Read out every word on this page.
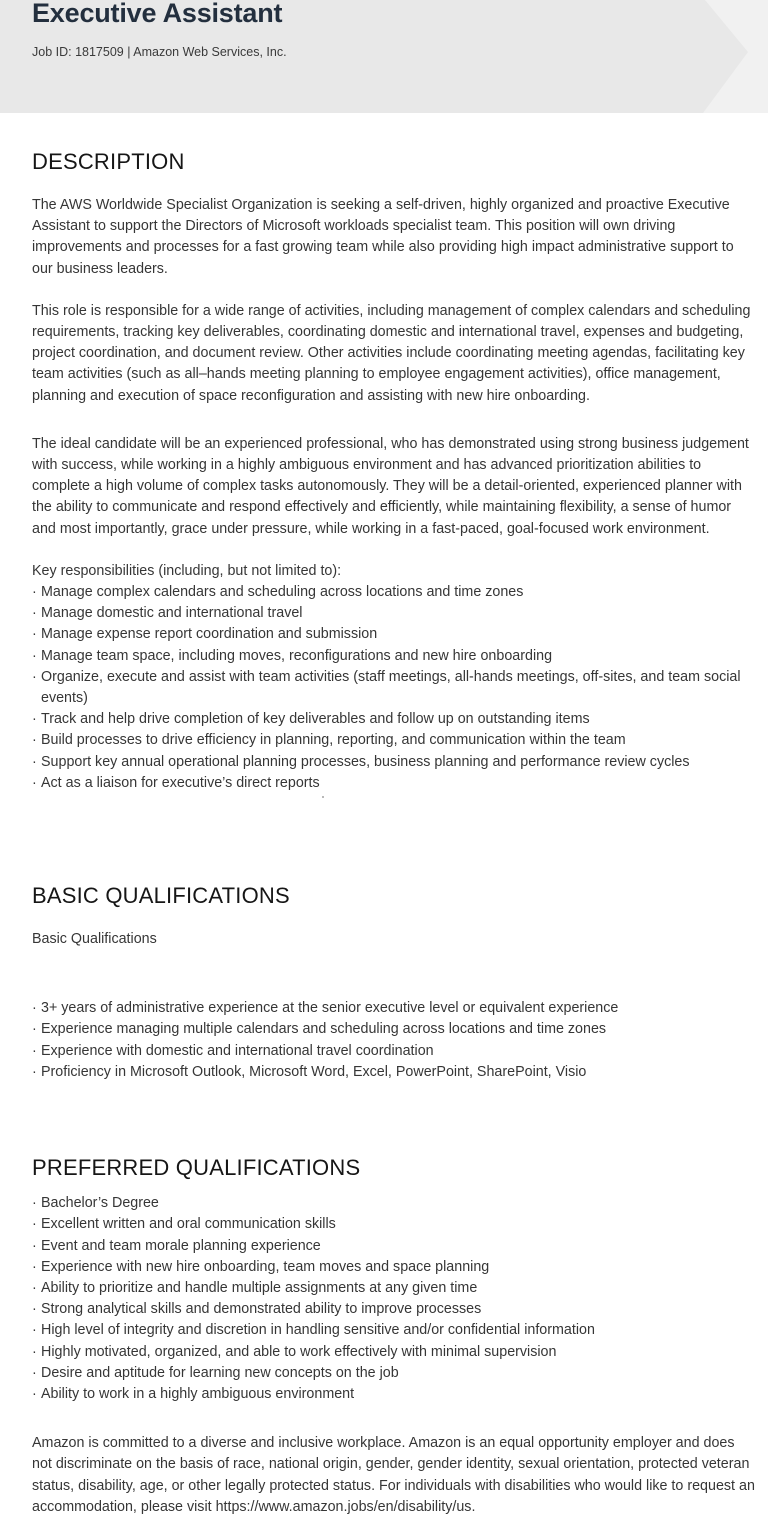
Executive Assistant

Job ID: 1817509 | Amazon Web Services, Inc.

DESCRIPTION

The AWS Worldwide Specialist Organization is seeking a self-driven, highly organized and proactive Executive Assistant to support the Directors of Microsoft workloads specialist team. This position will own driving improvements and processes for a fast growing team while also providing high impact administrative support to our business leaders.

This role is responsible for a wide range of activities, including management of complex calendars and scheduling requirements, tracking key deliverables, coordinating domestic and international travel, expenses and budgeting, project coordination, and document review. Other activities include coordinating meeting agendas, facilitating key team activities (such as all–hands meeting planning to employee engagement activities), office management, planning and execution of space reconfiguration and assisting with new hire onboarding.

The ideal candidate will be an experienced professional, who has demonstrated using strong business judgement with success, while working in a highly ambiguous environment and has advanced prioritization abilities to complete a high volume of complex tasks autonomously. They will be a detail-oriented, experienced planner with the ability to communicate and respond effectively and efficiently, while maintaining flexibility, a sense of humor and most importantly, grace under pressure, while working in a fast-paced, goal-focused work environment.

Key responsibilities (including, but not limited to):

· Manage complex calendars and scheduling across locations and time zones
· Manage domestic and international travel
· Manage expense report coordination and submission
· Manage team space, including moves, reconfigurations and new hire onboarding
· Organize, execute and assist with team activities (staff meetings, all-hands meetings, off-sites, and team social events)
· Track and help drive completion of key deliverables and follow up on outstanding items
· Build processes to drive efficiency in planning, reporting, and communication within the team
· Support key annual operational planning processes, business planning and performance review cycles
· Act as a liaison for executive’s direct reports
BASIC QUALIFICATIONS

Basic Qualifications

· 3+ years of administrative experience at the senior executive level or equivalent experience
· Experience managing multiple calendars and scheduling across locations and time zones
· Experience with domestic and international travel coordination
· Proficiency in Microsoft Outlook, Microsoft Word, Excel, PowerPoint, SharePoint, Visio
PREFERRED QUALIFICATIONS
· Bachelor’s Degree
· Excellent written and oral communication skills
· Event and team morale planning experience
· Experience with new hire onboarding, team moves and space planning
· Ability to prioritize and handle multiple assignments at any given time
· Strong analytical skills and demonstrated ability to improve processes
· High level of integrity and discretion in handling sensitive and/or confidential information
· Highly motivated, organized, and able to work effectively with minimal supervision
· Desire and aptitude for learning new concepts on the job
· Ability to work in a highly ambiguous environment

Amazon is committed to a diverse and inclusive workplace. Amazon is an equal opportunity employer and does not discriminate on the basis of race, national origin, gender, gender identity, sexual orientation, protected veteran status, disability, age, or other legally protected status. For individuals with disabilities who would like to request an accommodation, please visit https://www.amazon.jobs/en/disability/us.
